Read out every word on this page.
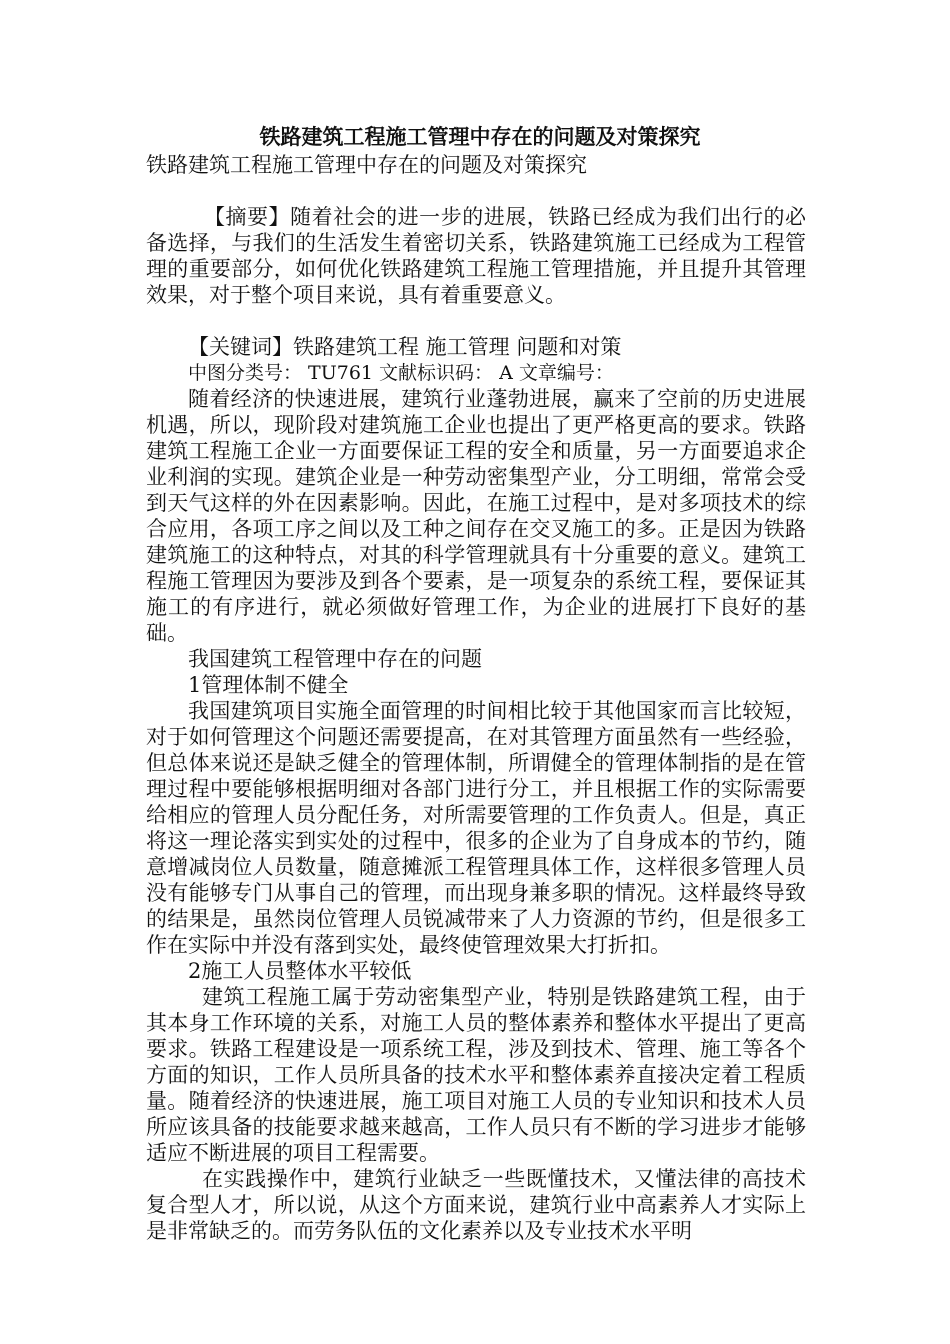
铁路建筑工程施工管理中存在的问题及对策探究

铁路建筑工程施工管理中存在的问题及对策探究

【摘要】随着社会的进一步的进展，铁路已经成为我们出行的必备选择，与我们的生活发生着密切关系，铁路建筑施工已经成为工程管理的重要部分，如何优化铁路建筑工程施工管理措施，并且提升其管理效果，对于整个项目来说，具有着重要意义。

【关键词】铁路建筑工程 施工管理 问题和对策

中图分类号： TU761 文献标识码： A 文章编号：

随着经济的快速进展，建筑行业蓬勃进展，赢来了空前的历史进展机遇，所以，现阶段对建筑施工企业也提出了更严格更高的要求。铁路建筑工程施工企业一方面要保证工程的安全和质量，另一方面要追求企业利润的实现。建筑企业是一种劳动密集型产业，分工明细，常常会受到天气这样的外在因素影响。因此，在施工过程中，是对多项技术的综合应用，各项工序之间以及工种之间存在交叉施工的多。正是因为铁路建筑施工的这种特点，对其的科学管理就具有十分重要的意义。建筑工程施工管理因为要涉及到各个要素，是一项复杂的系统工程，要保证其施工的有序进行，就必须做好管理工作，为企业的进展打下良好的基础。

我国建筑工程管理中存在的问题

1管理体制不健全

我国建筑项目实施全面管理的时间相比较于其他国家而言比较短，对于如何管理这个问题还需要提高，在对其管理方面虽然有一些经验，但总体来说还是缺乏健全的管理体制，所谓健全的管理体制指的是在管理过程中要能够根据明细对各部门进行分工，并且根据工作的实际需要给相应的管理人员分配任务，对所需要管理的工作负责人。但是，真正将这一理论落实到实处的过程中，很多的企业为了自身成本的节约，随意增减岗位人员数量，随意摊派工程管理具体工作，这样很多管理人员没有能够专门从事自己的管理，而出现身兼多职的情况。这样最终导致的结果是，虽然岗位管理人员锐减带来了人力资源的节约，但是很多工作在实际中并没有落到实处，最终使管理效果大打折扣。

2施工人员整体水平较低

建筑工程施工属于劳动密集型产业，特别是铁路建筑工程，由于其本身工作环境的关系，对施工人员的整体素养和整体水平提出了更高要求。铁路工程建设是一项系统工程，涉及到技术、管理、施工等各个方面的知识，工作人员所具备的技术水平和整体素养直接决定着工程质量。随着经济的快速进展，施工项目对施工人员的专业知识和技术人员所应该具备的技能要求越来越高，工作人员只有不断的学习进步才能够适应不断进展的项目工程需要。

在实践操作中，建筑行业缺乏一些既懂技术，又懂法律的高技术复合型人才，所以说，从这个方面来说，建筑行业中高素养人才实际上是非常缺乏的。而劳务队伍的文化素养以及专业技术水平明
